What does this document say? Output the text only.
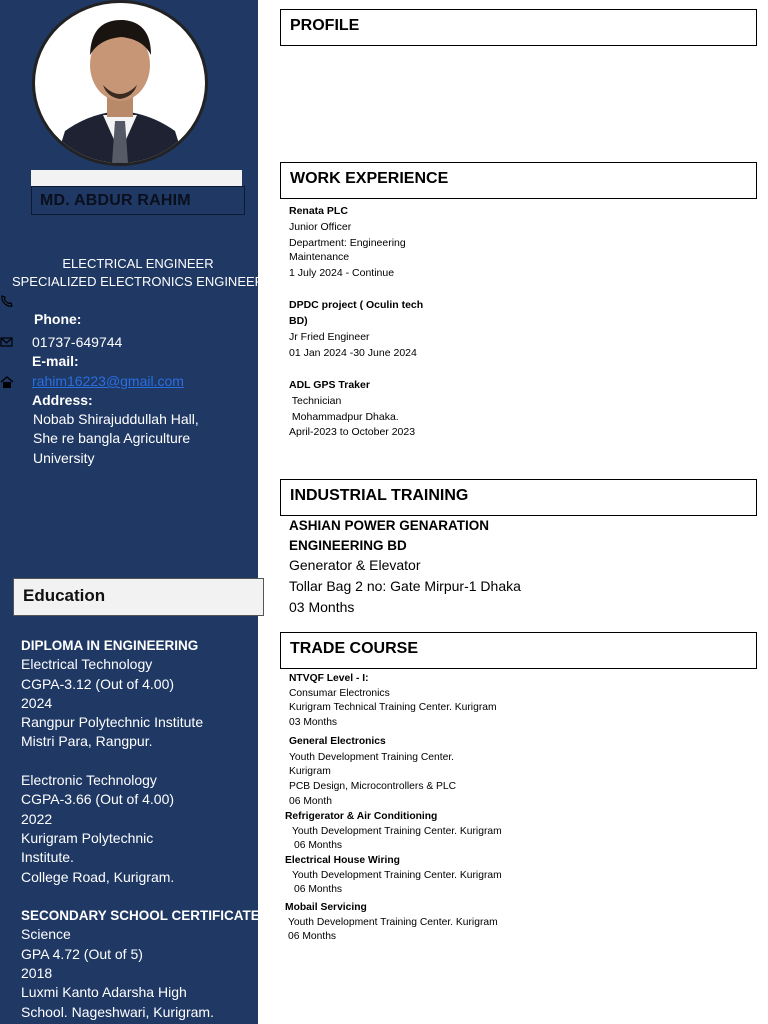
MD. ABDUR RAHIM
ELECTRICAL ENGINEER
SPECIALIZED ELECTRONICS ENGINEER
Phone:
01737-649744
E-mail:
rahim16223@gmail.com
Address:
Nobab Shirajuddullah Hall,
She re bangla Agriculture
University
Education
DIPLOMA IN ENGINEERING
Electrical Technology
CGPA-3.12 (Out of 4.00)
2024
Rangpur Polytechnic Institute
Mistri Para, Rangpur.
Electronic Technology
CGPA-3.66 (Out of 4.00)
2022
Kurigram Polytechnic
Institute.
College Road, Kurigram.
SECONDARY SCHOOL CERTIFICATE
Science
GPA 4.72 (Out of 5)
2018
Luxmi Kanto Adarsha High
School. Nageshwari, Kurigram.
PROFILE
WORK EXPERIENCE
Renata PLC
Junior Officer
Department: Engineering
Maintenance
1 July 2024 - Continue
DPDC project ( Oculin tech
BD)
Jr Fried Engineer
01 Jan 2024 -30 June 2024
ADL GPS Traker
Technician
Mohammadpur Dhaka.
April-2023 to October 2023
INDUSTRIAL TRAINING
ASHIAN POWER GENARATION
ENGINEERING BD
Generator & Elevator
Tollar Bag 2 no: Gate Mirpur-1 Dhaka
03 Months
TRADE COURSE
NTVQF Level - I:
Consumar Electronics
Kurigram Technical Training Center. Kurigram
03 Months
General Electronics
Youth Development Training Center.
Kurigram
PCB Design, Microcontrollers & PLC
06 Month
Refrigerator & Air Conditioning
Youth Development Training Center. Kurigram
06 Months
Electrical House Wiring
Youth Development Training Center. Kurigram
06 Months
Mobail Servicing
Youth Development Training Center. Kurigram
06 Months
